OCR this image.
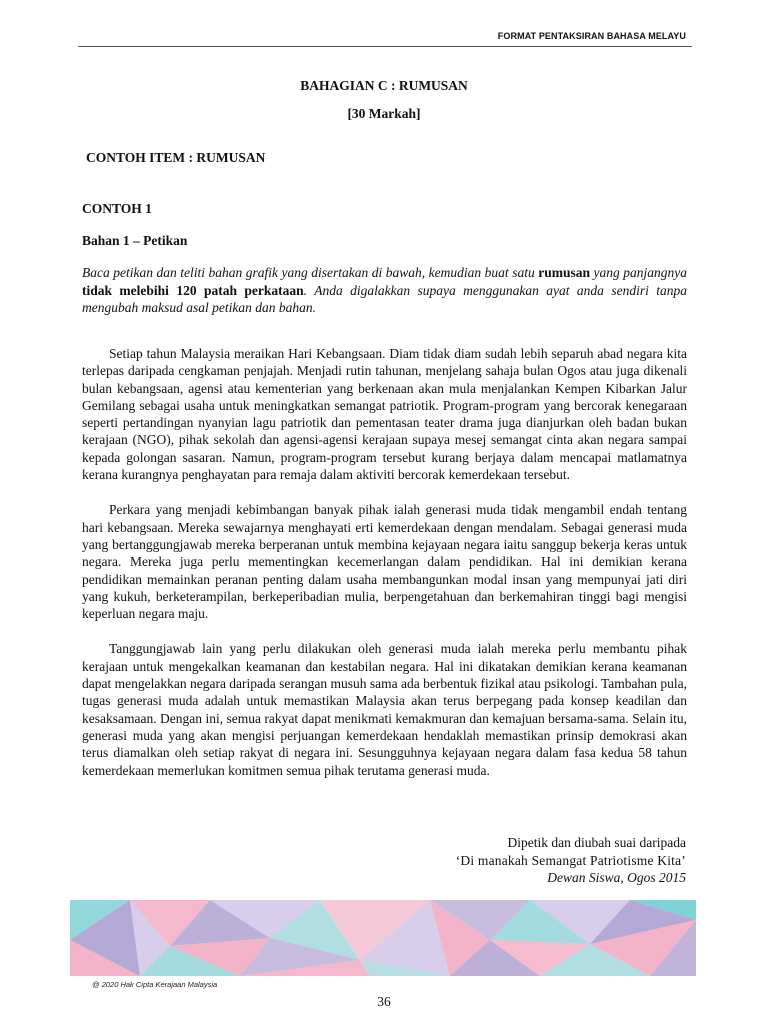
FORMAT PENTAKSIRAN BAHASA MELAYU
BAHAGIAN C : RUMUSAN
[30 Markah]
CONTOH ITEM : RUMUSAN
CONTOH 1
Bahan 1 – Petikan

Baca petikan dan teliti bahan grafik yang disertakan di bawah, kemudian buat satu rumusan yang panjangnya tidak melebihi 120 patah perkataan. Anda digalakkan supaya menggunakan ayat anda sendiri tanpa mengubah maksud asal petikan dan bahan.

Setiap tahun Malaysia meraikan Hari Kebangsaan. Diam tidak diam sudah lebih separuh abad negara kita terlepas daripada cengkaman penjajah. Menjadi rutin tahunan, menjelang sahaja bulan Ogos atau juga dikenali bulan kebangsaan, agensi atau kementerian yang berkenaan akan mula menjalankan Kempen Kibarkan Jalur Gemilang sebagai usaha untuk meningkatkan semangat patriotik. Program-program yang bercorak kenegaraan seperti pertandingan nyanyian lagu patriotik dan pementasan teater drama juga dianjurkan oleh badan bukan kerajaan (NGO), pihak sekolah dan agensi-agensi kerajaan supaya mesej semangat cinta akan negara sampai kepada golongan sasaran. Namun, program-program tersebut kurang berjaya dalam mencapai matlamatnya kerana kurangnya penghayatan para remaja dalam aktiviti bercorak kemerdekaan tersebut.

Perkara yang menjadi kebimbangan banyak pihak ialah generasi muda tidak mengambil endah tentang hari kebangsaan. Mereka sewajarnya menghayati erti kemerdekaan dengan mendalam. Sebagai generasi muda yang bertanggungjawab mereka berperanan untuk membina kejayaan negara iaitu sanggup bekerja keras untuk negara. Mereka juga perlu mementingkan kecemerlangan dalam pendidikan. Hal ini demikian kerana pendidikan memainkan peranan penting dalam usaha membangunkan modal insan yang mempunyai jati diri yang kukuh, berketerampilan, berkeperibadian mulia, berpengetahuan dan berkemahiran tinggi bagi mengisi keperluan negara maju.

Tanggungjawab lain yang perlu dilakukan oleh generasi muda ialah mereka perlu membantu pihak kerajaan untuk mengekalkan keamanan dan kestabilan negara. Hal ini dikatakan demikian kerana keamanan dapat mengelakkan negara daripada serangan musuh sama ada berbentuk fizikal atau psikologi. Tambahan pula, tugas generasi muda adalah untuk memastikan Malaysia akan terus berpegang pada konsep keadilan dan kesaksamaan. Dengan ini, semua rakyat dapat menikmati kemakmuran dan kemajuan bersama-sama. Selain itu, generasi muda yang akan mengisi perjuangan kemerdekaan hendaklah memastikan prinsip demokrasi akan terus diamalkan oleh setiap rakyat di negara ini. Sesungguhnya kejayaan negara dalam fasa kedua 58 tahun kemerdekaan memerlukan komitmen semua pihak terutama generasi muda.

Dipetik dan diubah suai daripada
‘Di manakah Semangat Patriotisme Kita’
Dewan Siswa, Ogos 2015
@ 2020 Hak Cipta Kerajaan Malaysia
36
